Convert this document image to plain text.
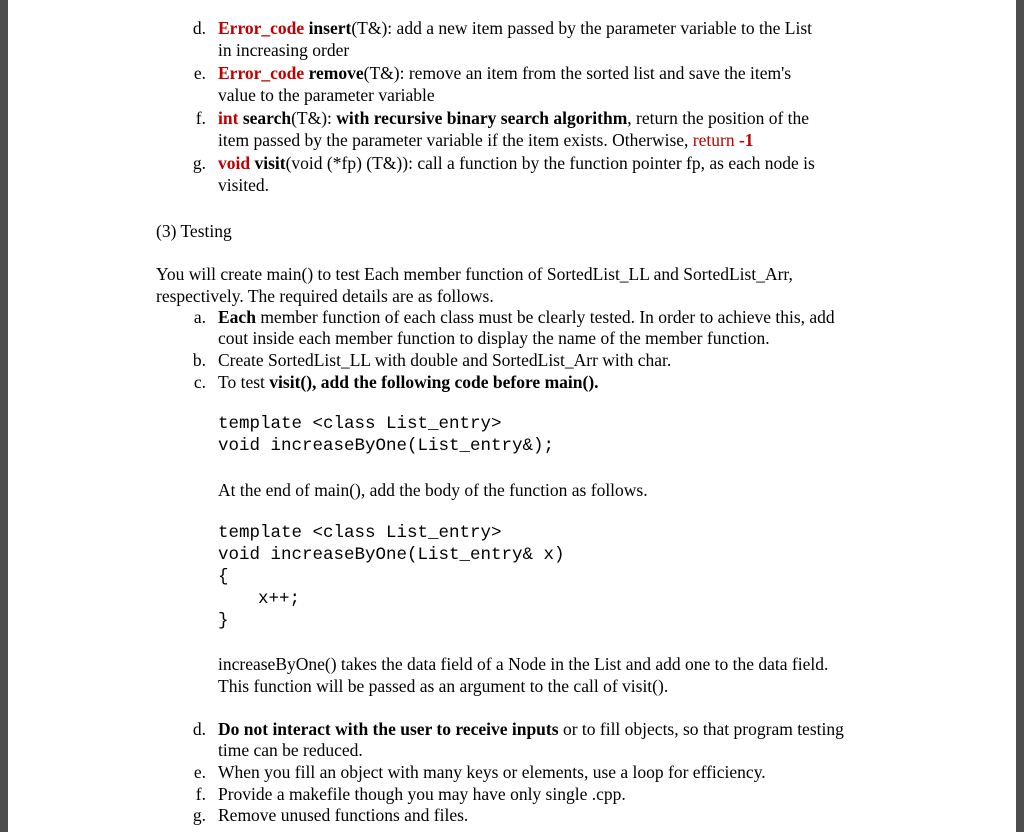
d. Error_code insert(T&): add a new item passed by the parameter variable to the List
in increasing order
e. Error_code remove(T&): remove an item from the sorted list and save the item's
value to the parameter variable
f. int search(T&): with recursive binary search algorithm, return the position of the
item passed by the parameter variable if the item exists. Otherwise, return -1
g. void visit(void (*fp) (T&)): call a function by the function pointer fp, as each node is
visited.
(3) Testing
You will create main() to test Each member function of SortedList_LL and SortedList_Arr,
respectively. The required details are as follows.
a. Each member function of each class must be clearly tested. In order to achieve this, add
cout inside each member function to display the name of the member function.
b. Create SortedList_LL with double and SortedList_Arr with char.
c. To test visit(), add the following code before main().
template <class List_entry>
void increaseByOne(List_entry&);
At the end of main(), add the body of the function as follows.
template <class List_entry>
void increaseByOne(List_entry& x)
{
x++;
}
increaseByOne() takes the data field of a Node in the List and add one to the data field.
This function will be passed as an argument to the call of visit().
d. Do not interact with the user to receive inputs or to fill objects, so that program testing
time can be reduced.
e. When you fill an object with many keys or elements, use a loop for efficiency.
f. Provide a makefile though you may have only single .cpp.
g. Remove unused functions and files.
